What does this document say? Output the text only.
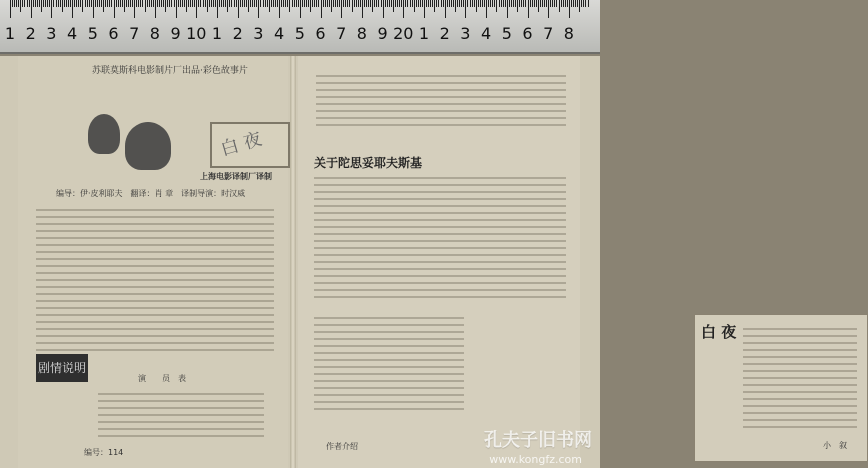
1 2 3 4 5 6 7 8 9 10 1 2 3 4 5 6 7 8 9 20 1 2 3 4 5 6 7 8
苏联莫斯科电影制片厂出品·彩色故事片
白 夜
上海电影译制厂译制
编导：伊·皮利耶夫　翻译：肖 章　译制导演：时汉威
演　　员　表
剧情说明
编号：114
关于陀思妥耶夫斯基
白 夜
小　叙
作者介绍	孔夫子旧书网
www.kongfz.com
